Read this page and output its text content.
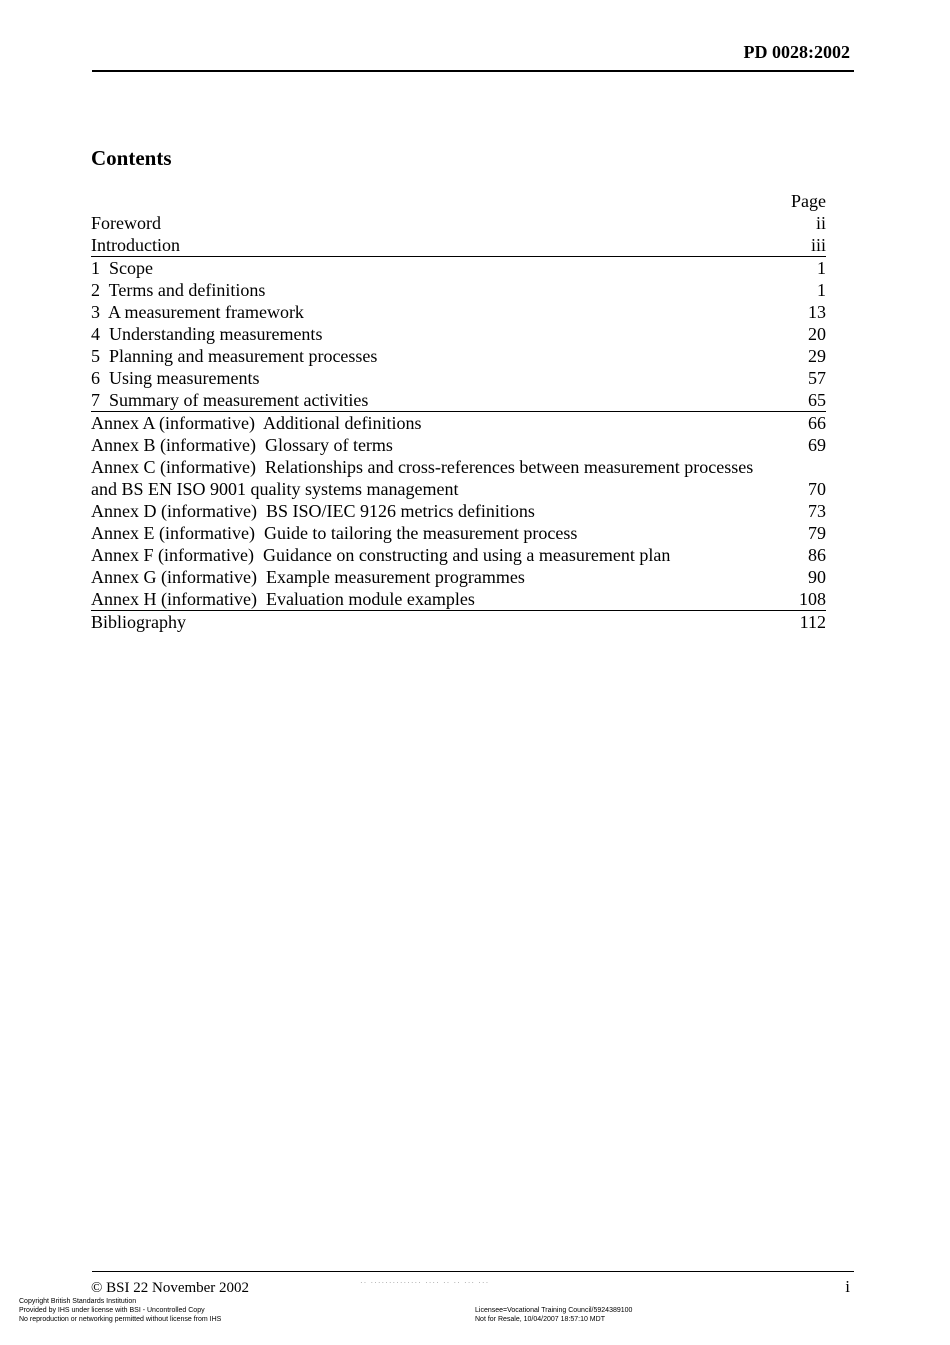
PD 0028:2002
Contents
Page
Foreword	ii
Introduction	iii
1  Scope	1
2  Terms and definitions	1
3  A measurement framework	13
4  Understanding measurements	20
5  Planning and measurement processes	29
6  Using measurements	57
7  Summary of measurement activities	65
Annex A (informative)  Additional definitions	66
Annex B (informative)  Glossary of terms	69
Annex C (informative)  Relationships and cross-references between measurement processes
and BS EN ISO 9001 quality systems management	70
Annex D (informative)  BS ISO/IEC 9126 metrics definitions	73
Annex E (informative)  Guide to tailoring the measurement process	79
Annex F (informative)  Guidance on constructing and using a measurement plan	86
Annex G (informative)  Example measurement programmes	90
Annex H (informative)  Evaluation module examples	108
Bibliography	112
© BSI 22 November 2002	·· ·············· ···· ·· ·· ··· ···	i
Copyright British Standards Institution
Provided by IHS under license with BSI - Uncontrolled Copy
No reproduction or networking permitted without license from IHS
Licensee=Vocational Training Council/5924389100
Not for Resale, 10/04/2007 18:57:10 MDT
